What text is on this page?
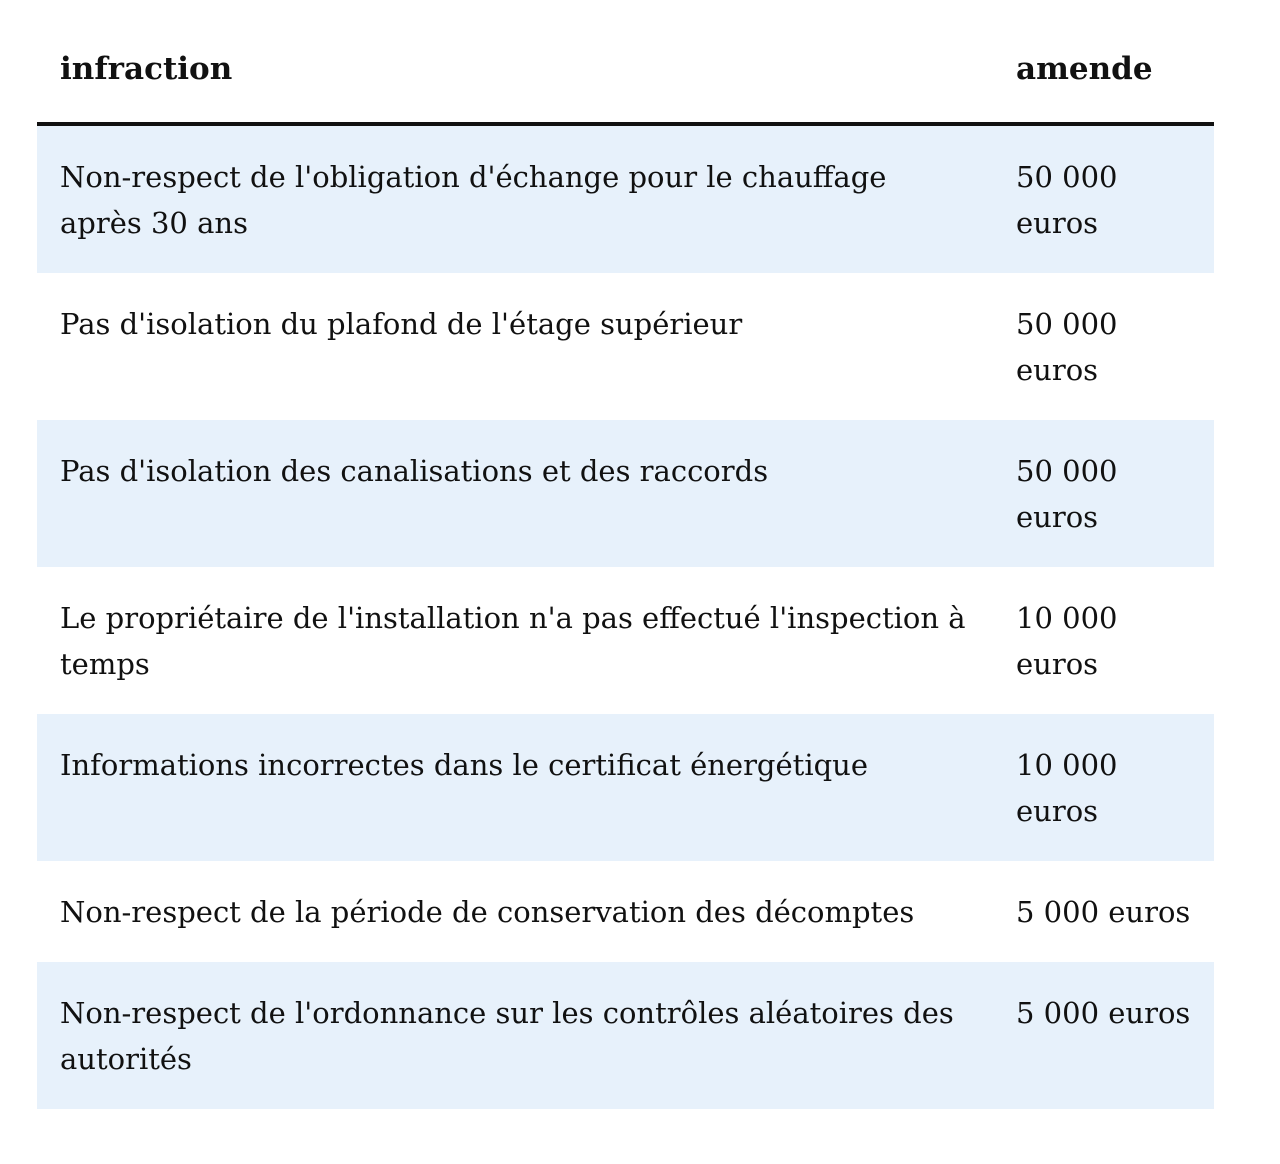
infraction	amende
Non-respect de l'obligation d'échange pour le chauffage après 30 ans	50 000 euros
Pas d'isolation du plafond de l'étage supérieur	50 000 euros
Pas d'isolation des canalisations et des raccords	50 000 euros
Le propriétaire de l'installation n'a pas effectué l'inspection à temps	10 000 euros
Informations incorrectes dans le certificat énergétique	10 000 euros
Non-respect de la période de conservation des décomptes	5 000 euros
Non-respect de l'ordonnance sur les contrôles aléatoires des autorités	5 000 euros
